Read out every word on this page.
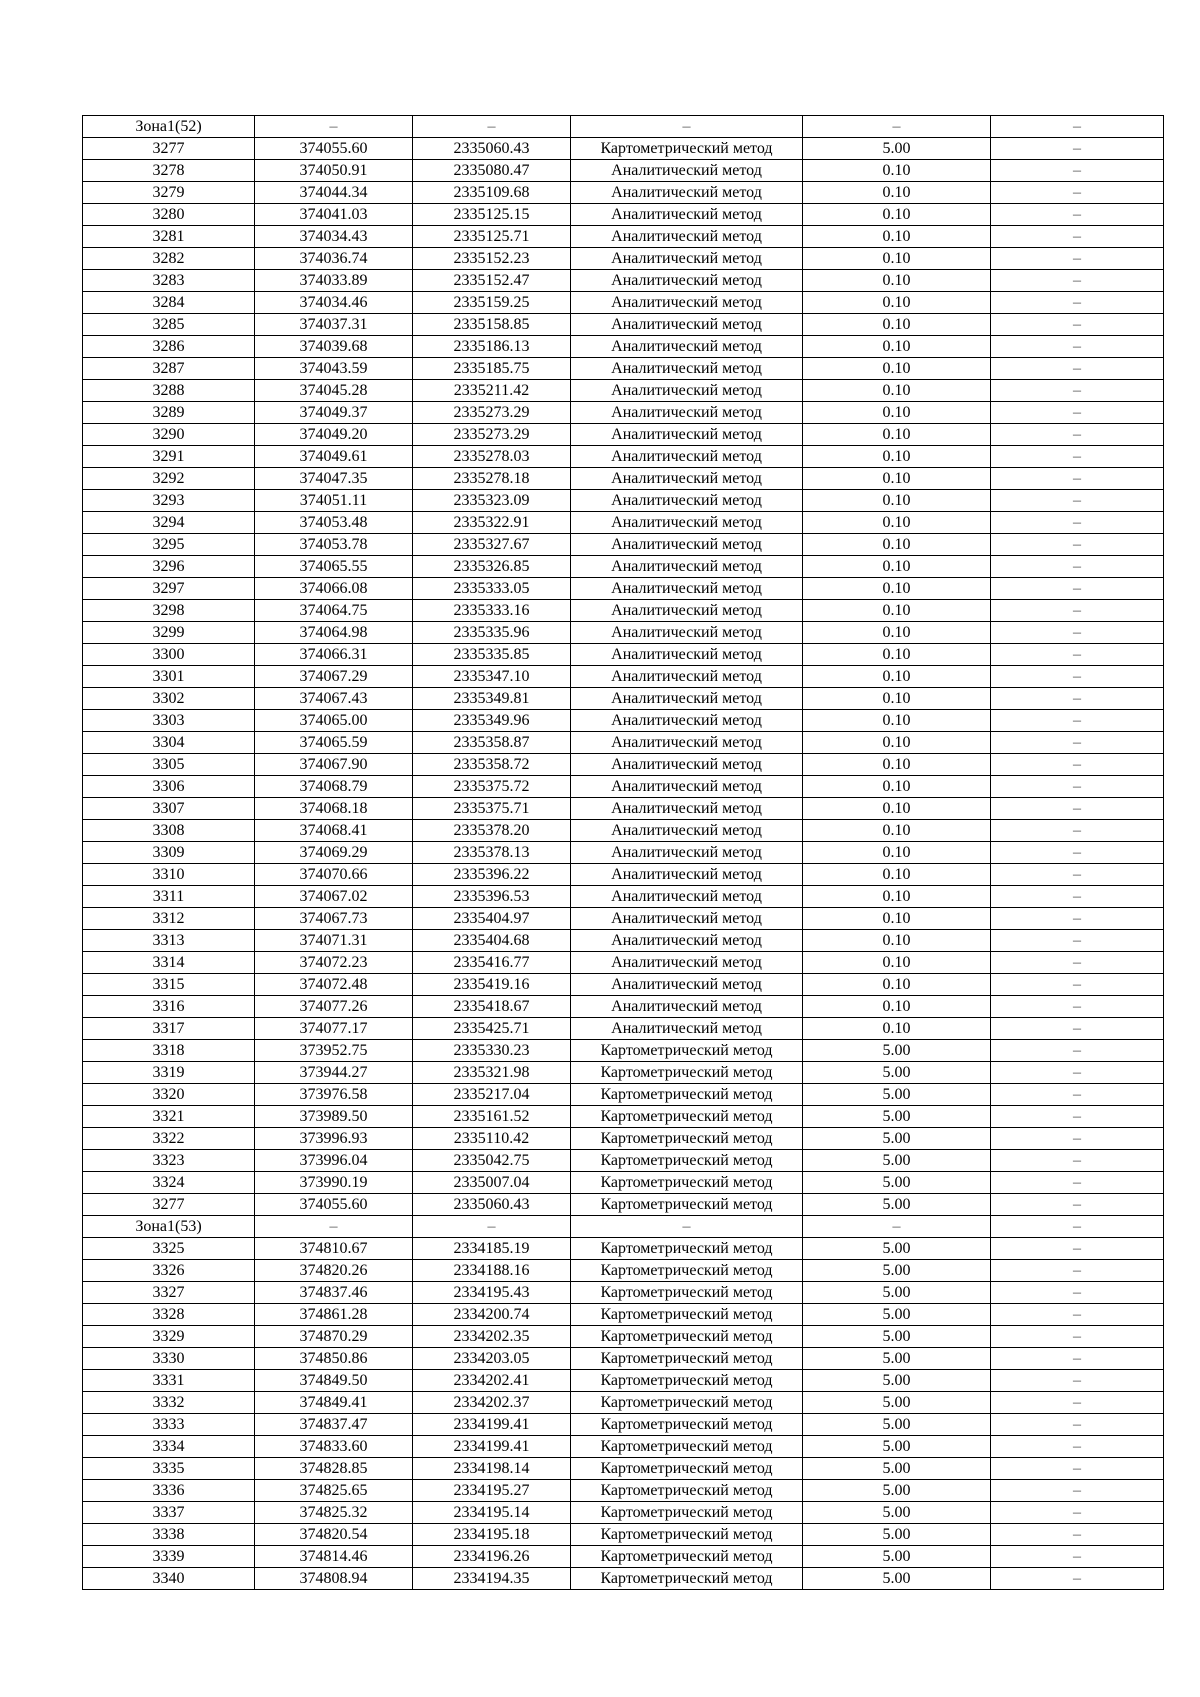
Зона1(52)	–	–	–	–	–
3277	374055.60	2335060.43	Картометрический метод	5.00	–
3278	374050.91	2335080.47	Аналитический метод	0.10	–
3279	374044.34	2335109.68	Аналитический метод	0.10	–
3280	374041.03	2335125.15	Аналитический метод	0.10	–
3281	374034.43	2335125.71	Аналитический метод	0.10	–
3282	374036.74	2335152.23	Аналитический метод	0.10	–
3283	374033.89	2335152.47	Аналитический метод	0.10	–
3284	374034.46	2335159.25	Аналитический метод	0.10	–
3285	374037.31	2335158.85	Аналитический метод	0.10	–
3286	374039.68	2335186.13	Аналитический метод	0.10	–
3287	374043.59	2335185.75	Аналитический метод	0.10	–
3288	374045.28	2335211.42	Аналитический метод	0.10	–
3289	374049.37	2335273.29	Аналитический метод	0.10	–
3290	374049.20	2335273.29	Аналитический метод	0.10	–
3291	374049.61	2335278.03	Аналитический метод	0.10	–
3292	374047.35	2335278.18	Аналитический метод	0.10	–
3293	374051.11	2335323.09	Аналитический метод	0.10	–
3294	374053.48	2335322.91	Аналитический метод	0.10	–
3295	374053.78	2335327.67	Аналитический метод	0.10	–
3296	374065.55	2335326.85	Аналитический метод	0.10	–
3297	374066.08	2335333.05	Аналитический метод	0.10	–
3298	374064.75	2335333.16	Аналитический метод	0.10	–
3299	374064.98	2335335.96	Аналитический метод	0.10	–
3300	374066.31	2335335.85	Аналитический метод	0.10	–
3301	374067.29	2335347.10	Аналитический метод	0.10	–
3302	374067.43	2335349.81	Аналитический метод	0.10	–
3303	374065.00	2335349.96	Аналитический метод	0.10	–
3304	374065.59	2335358.87	Аналитический метод	0.10	–
3305	374067.90	2335358.72	Аналитический метод	0.10	–
3306	374068.79	2335375.72	Аналитический метод	0.10	–
3307	374068.18	2335375.71	Аналитический метод	0.10	–
3308	374068.41	2335378.20	Аналитический метод	0.10	–
3309	374069.29	2335378.13	Аналитический метод	0.10	–
3310	374070.66	2335396.22	Аналитический метод	0.10	–
3311	374067.02	2335396.53	Аналитический метод	0.10	–
3312	374067.73	2335404.97	Аналитический метод	0.10	–
3313	374071.31	2335404.68	Аналитический метод	0.10	–
3314	374072.23	2335416.77	Аналитический метод	0.10	–
3315	374072.48	2335419.16	Аналитический метод	0.10	–
3316	374077.26	2335418.67	Аналитический метод	0.10	–
3317	374077.17	2335425.71	Аналитический метод	0.10	–
3318	373952.75	2335330.23	Картометрический метод	5.00	–
3319	373944.27	2335321.98	Картометрический метод	5.00	–
3320	373976.58	2335217.04	Картометрический метод	5.00	–
3321	373989.50	2335161.52	Картометрический метод	5.00	–
3322	373996.93	2335110.42	Картометрический метод	5.00	–
3323	373996.04	2335042.75	Картометрический метод	5.00	–
3324	373990.19	2335007.04	Картометрический метод	5.00	–
3277	374055.60	2335060.43	Картометрический метод	5.00	–
Зона1(53)	–	–	–	–	–
3325	374810.67	2334185.19	Картометрический метод	5.00	–
3326	374820.26	2334188.16	Картометрический метод	5.00	–
3327	374837.46	2334195.43	Картометрический метод	5.00	–
3328	374861.28	2334200.74	Картометрический метод	5.00	–
3329	374870.29	2334202.35	Картометрический метод	5.00	–
3330	374850.86	2334203.05	Картометрический метод	5.00	–
3331	374849.50	2334202.41	Картометрический метод	5.00	–
3332	374849.41	2334202.37	Картометрический метод	5.00	–
3333	374837.47	2334199.41	Картометрический метод	5.00	–
3334	374833.60	2334199.41	Картометрический метод	5.00	–
3335	374828.85	2334198.14	Картометрический метод	5.00	–
3336	374825.65	2334195.27	Картометрический метод	5.00	–
3337	374825.32	2334195.14	Картометрический метод	5.00	–
3338	374820.54	2334195.18	Картометрический метод	5.00	–
3339	374814.46	2334196.26	Картометрический метод	5.00	–
3340	374808.94	2334194.35	Картометрический метод	5.00	–
